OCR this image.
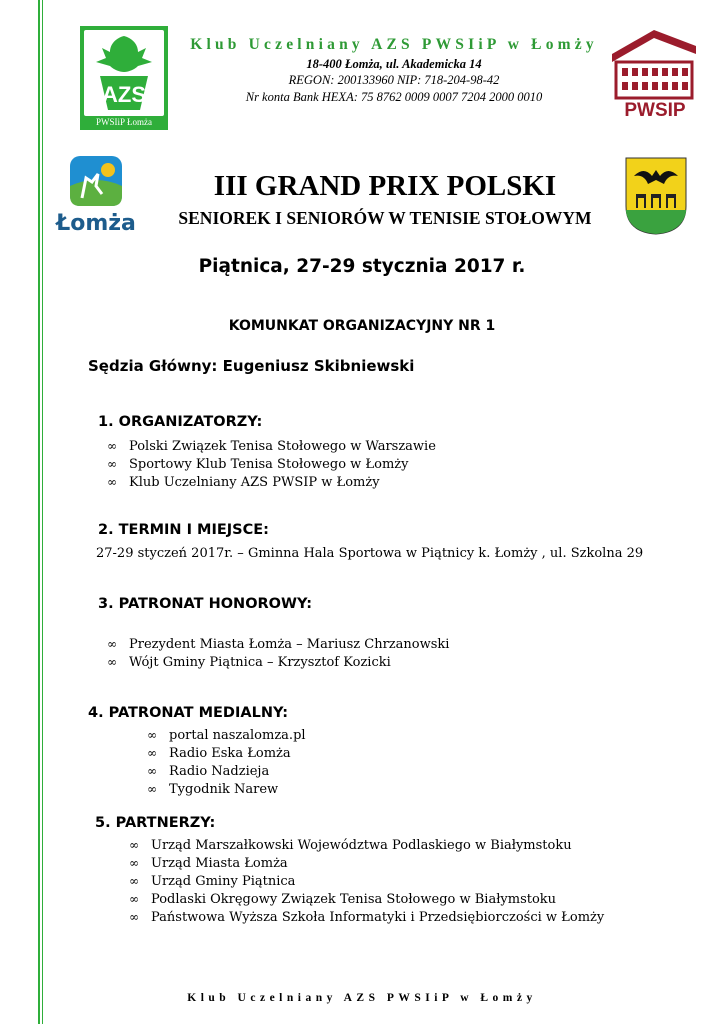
AZS
PWSIiP Łomża
PWSIP
Klub Uczelniany AZS PWSIiP w Łomży
18-400 Łomża, ul. Akademicka 14
REGON: 200133960 NIP: 718-204-98-42
Nr konta Bank HEXA: 75 8762 0009 0007 7204 2000 0010
Łomża
III GRAND PRIX POLSKI
SENIOREK I SENIORÓW W TENISIE STOŁOWYM
Piątnica, 27-29 stycznia 2017 r.
KOMUNKAT ORGANIZACYJNY NR 1
Sędzia Główny: Eugeniusz Skibniewski
1. ORGANIZATORZY:
∞ Polski Związek Tenisa Stołowego w Warszawie
∞ Sportowy Klub Tenisa Stołowego w Łomży
∞ Klub Uczelniany AZS PWSIP w Łomży
2. TERMIN I MIEJSCE:
27-29 styczeń 2017r. – Gminna Hala Sportowa w Piątnicy k. Łomży , ul. Szkolna 29
3. PATRONAT HONOROWY:
∞ Prezydent Miasta Łomża – Mariusz Chrzanowski
∞ Wójt Gminy Piątnica – Krzysztof Kozicki
4. PATRONAT MEDIALNY:
∞ portal naszalomza.pl
∞ Radio Eska Łomża
∞ Radio Nadzieja
∞ Tygodnik Narew
5. PARTNERZY:
∞ Urząd Marszałkowski Województwa Podlaskiego w Białymstoku
∞ Urząd Miasta Łomża
∞ Urząd Gminy Piątnica
∞ Podlaski Okręgowy Związek Tenisa Stołowego w Białymstoku
∞ Państwowa Wyższa Szkoła Informatyki i Przedsiębiorczości w Łomży
Klub Uczelniany AZS PWSIiP w Łomży
